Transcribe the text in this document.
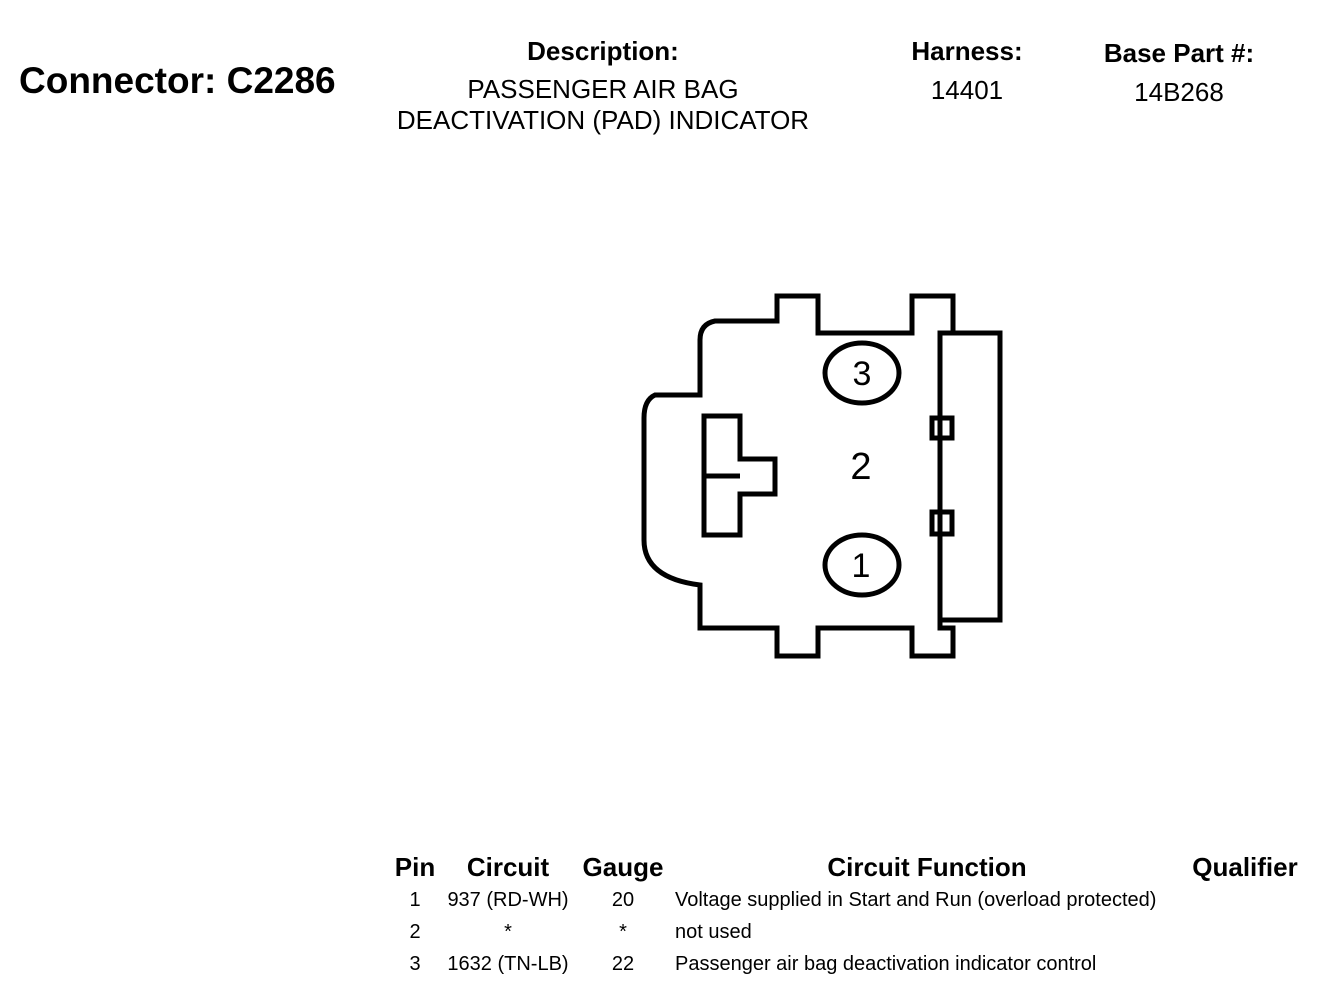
Connector: C2286
Description:
PASSENGER AIR BAG
DEACTIVATION (PAD) INDICATOR
Harness:
14401
Base Part #:
14B268
3
2
1
Pin	Circuit	Gauge	Circuit Function	Qualifier
1	937 (RD-WH)	20	Voltage supplied in Start and Run (overload protected)
2	*	*	not used
3	1632 (TN-LB)	22	Passenger air bag deactivation indicator control
